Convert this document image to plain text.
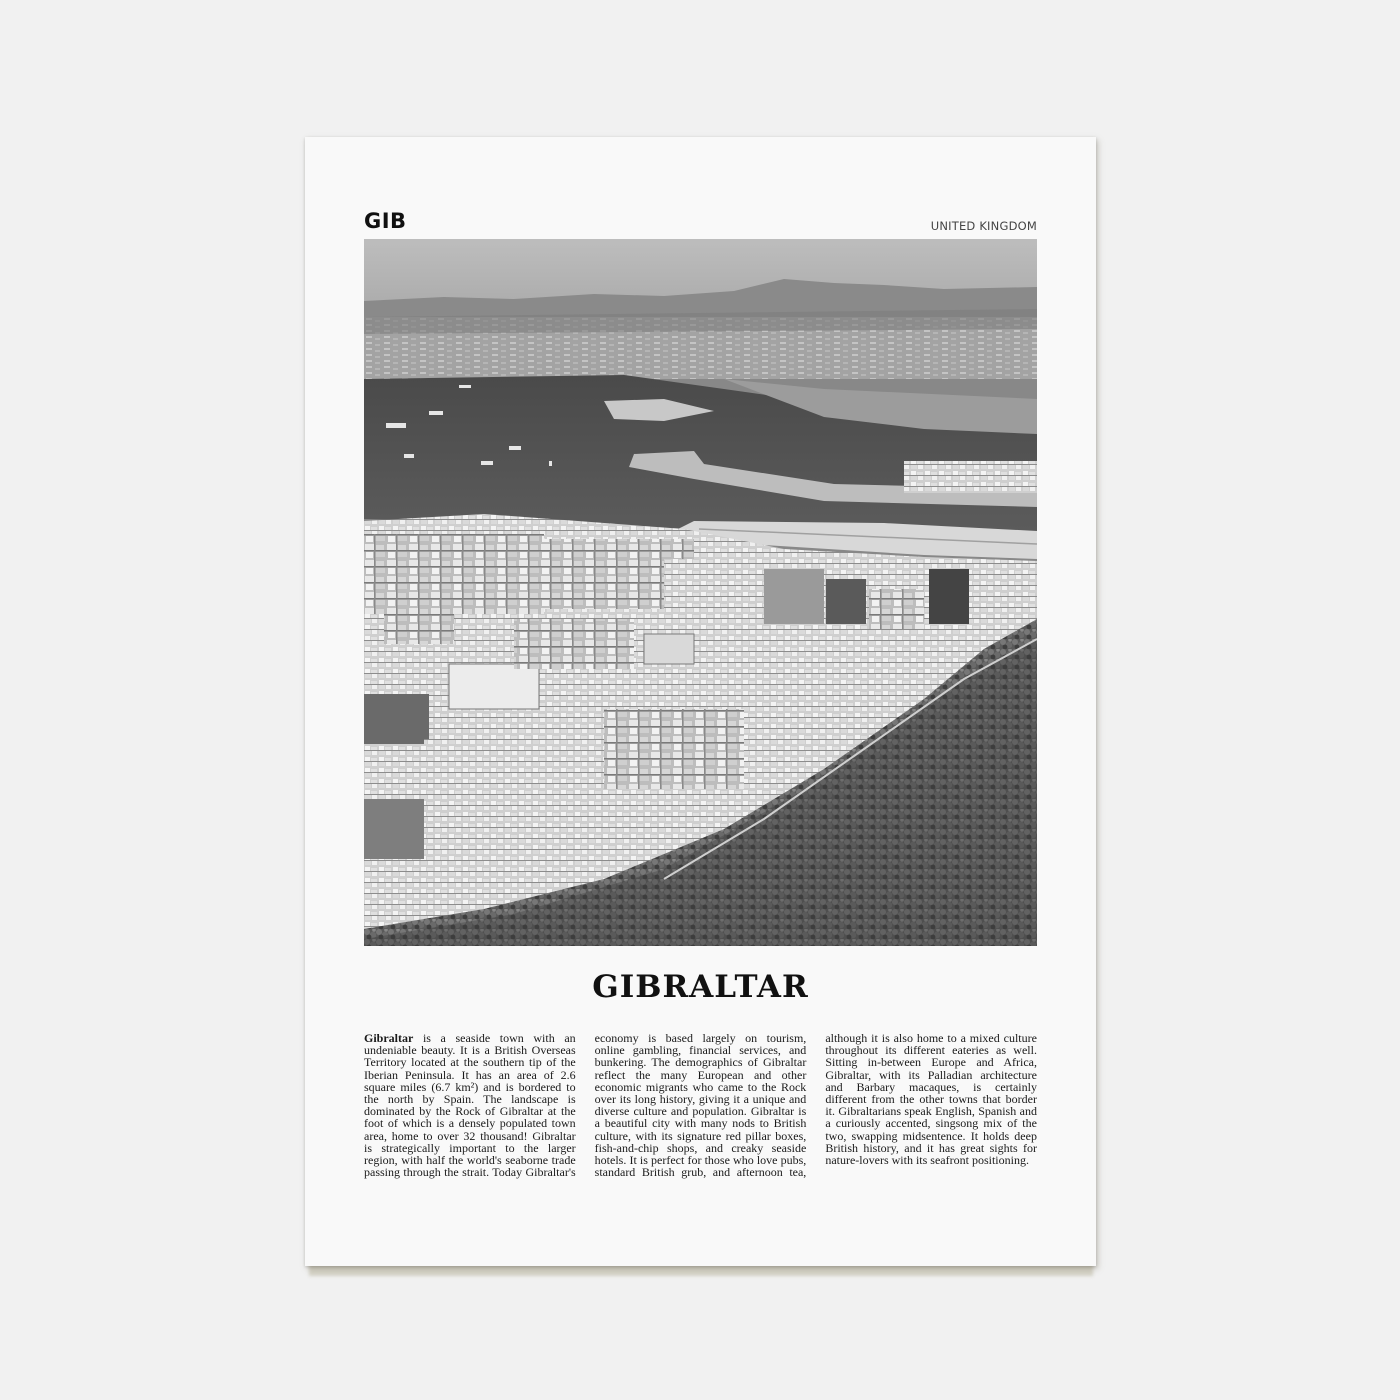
GIB	UNITED KINGDOM
GIBRALTAR
Gibraltar is a seaside town with an undeniable beauty. It is a British Overseas Territory located at the southern tip of the Iberian Peninsula. It has an area of 2.6 square miles (6.7 km²) and is bordered to the north by Spain. The landscape is dominated by the Rock of Gibraltar at the foot of which is a densely populated town area, home to over 32 thousand! Gibraltar is strategically important to the larger region, with half the world's seaborne trade passing through the strait. Today Gibraltar's economy is based largely on tourism, online gambling, financial services, and bunkering. The demographics of Gibraltar reflect the many European and other economic migrants who came to the Rock over its long history, giving it a unique and diverse culture and population. Gibraltar is a beautiful city with many nods to British culture, with its signature red pillar boxes, fish-and-chip shops, and creaky seaside hotels. It is perfect for those who love pubs, standard British grub, and afternoon tea, although it is also home to a mixed culture throughout its different eateries as well. Sitting in-between Europe and Africa, Gibraltar, with its Palladian architecture and Barbary macaques, is certainly different from the other towns that border it. Gibraltarians speak English, Spanish and a curiously accented, singsong mix of the two, swapping midsentence. It holds deep British history, and it has great sights for nature-lovers with its seafront positioning.
